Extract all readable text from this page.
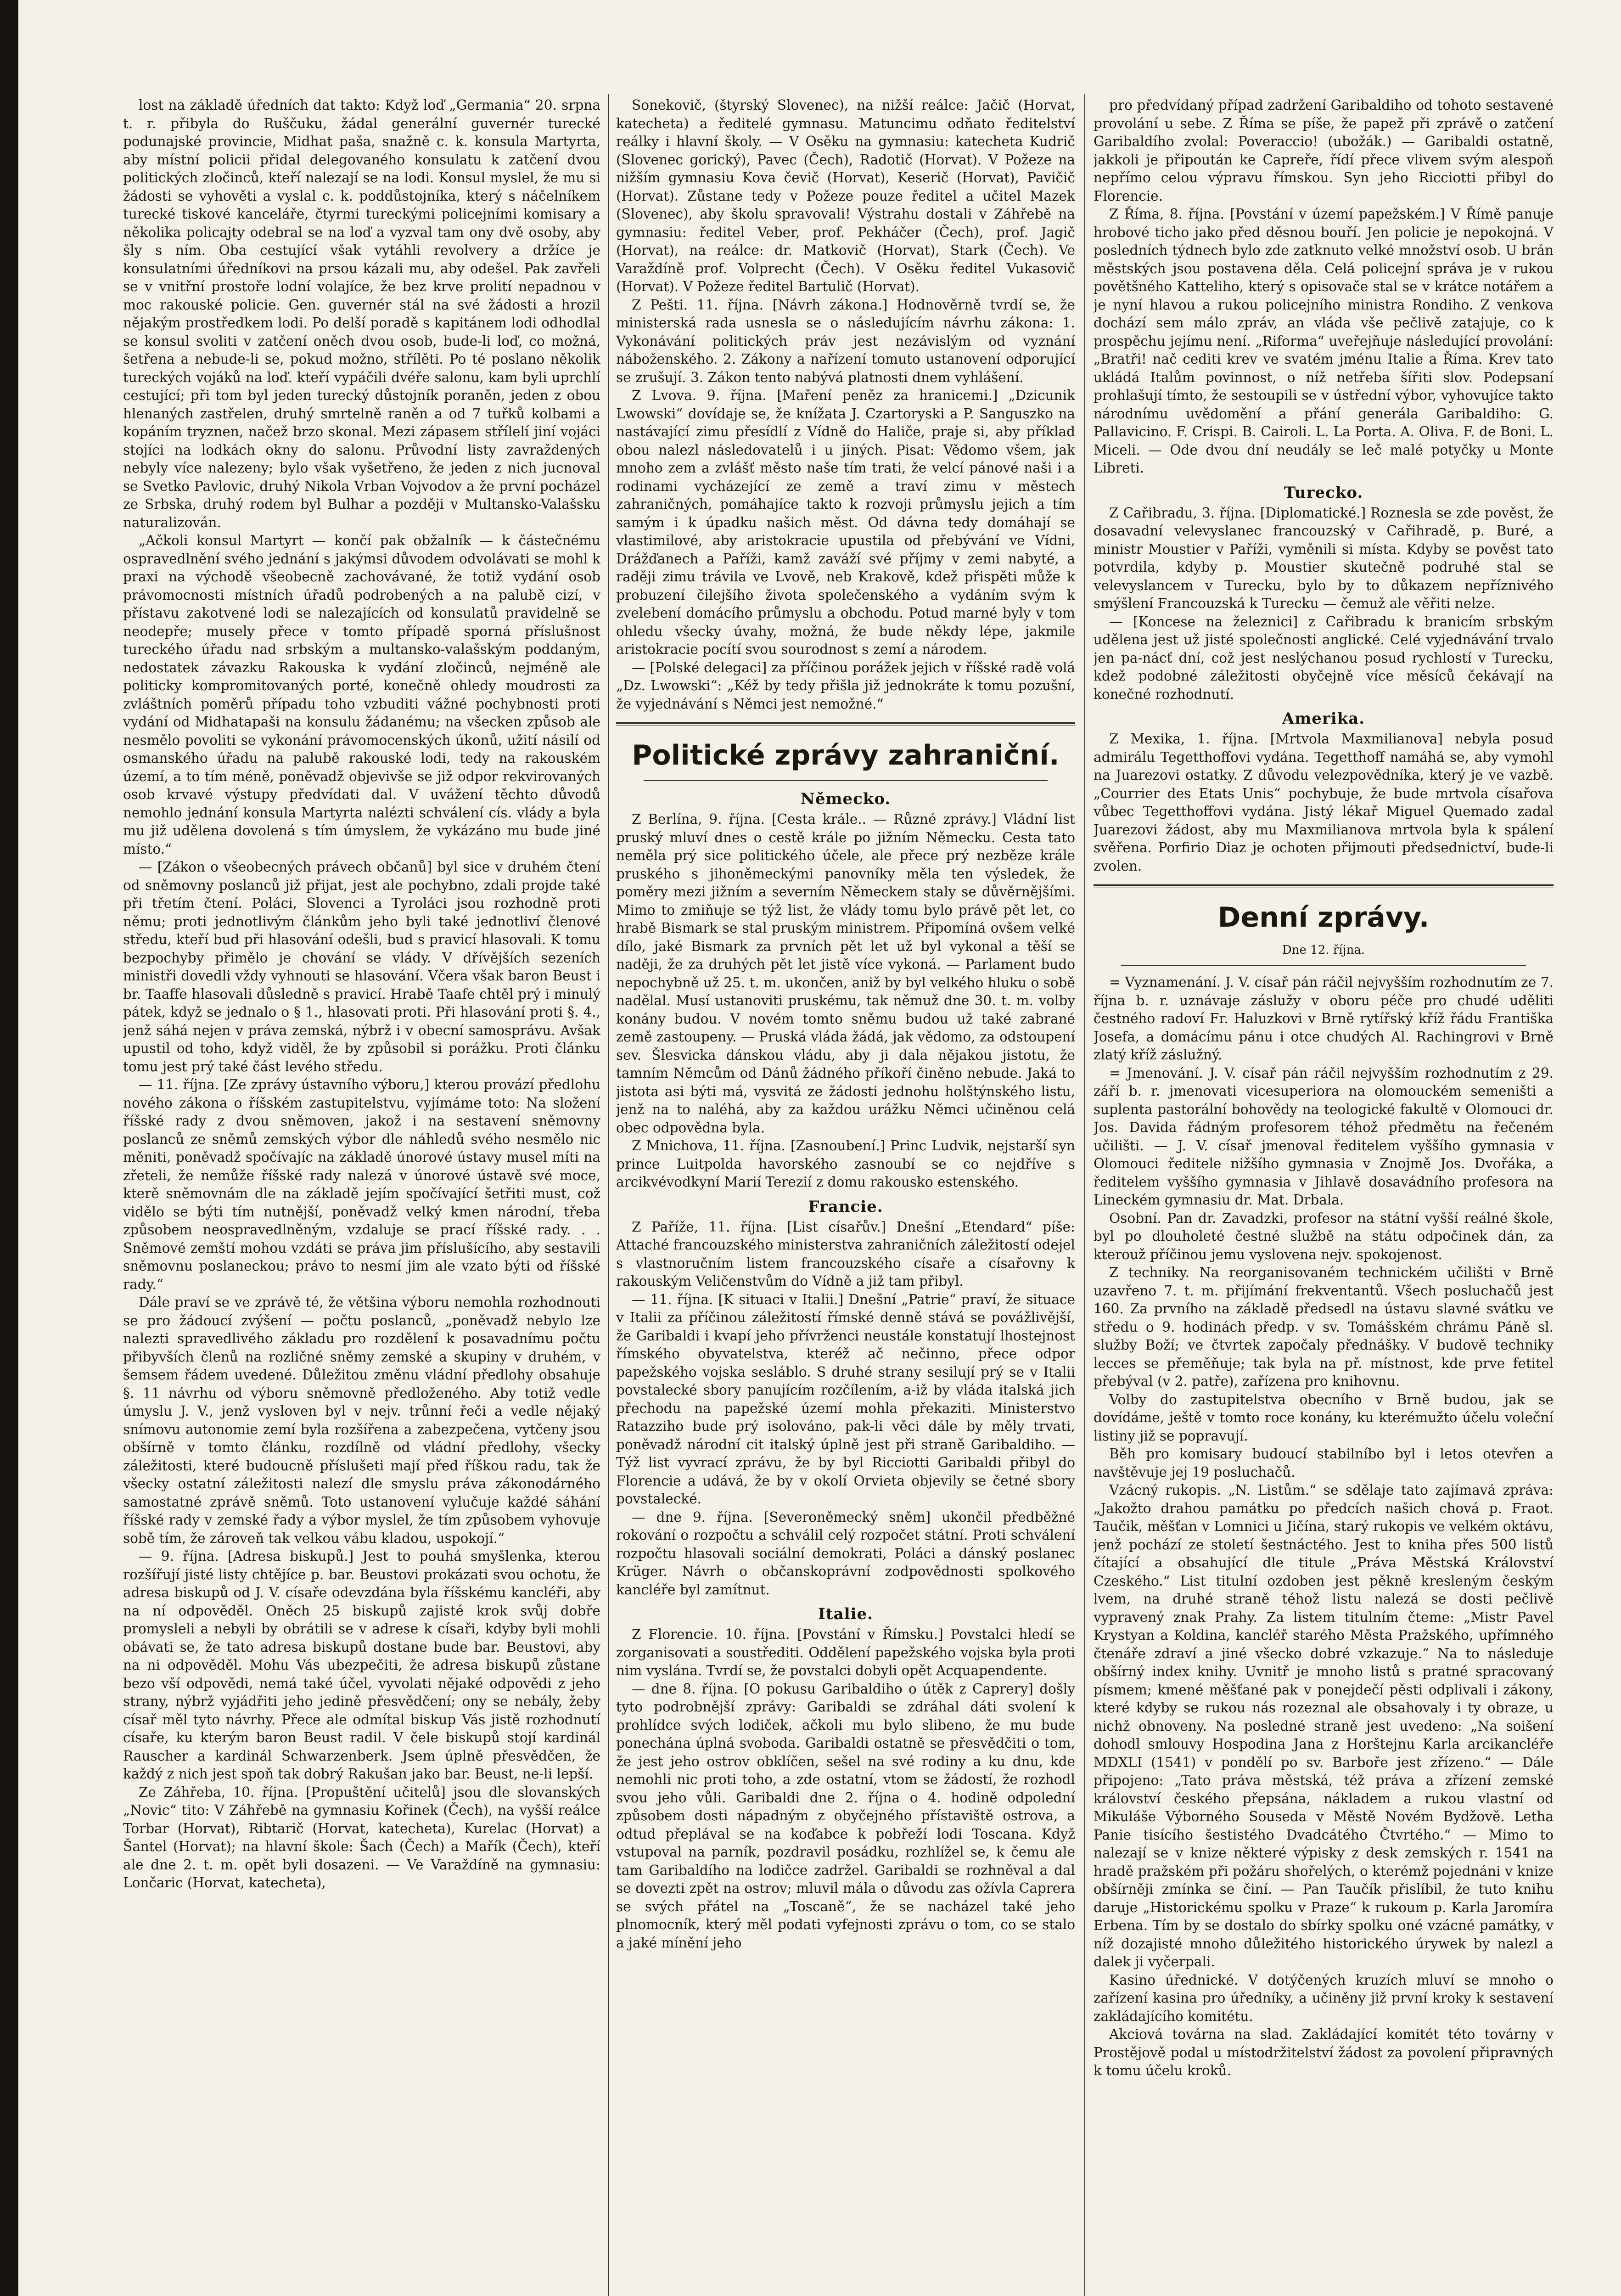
lost na základě úředních dat takto: Když loď „Germania“ 20. srpna t. r. přibyla do Ruščuku, žádal generální guvernér turecké podunajské provincie, Midhat paša, snažně c. k. konsula Martyrta, aby místní policii přidal delegovaného konsulatu k zatčení dvou politických zločinců, kteří nalezají se na lodi. Konsul myslel, že mu si žádosti se vyhověti a vyslal c. k. poddůstojníka, který s náčelníkem turecké tiskové kanceláře, čtyrmi tureckými policejními komisary a několika policajty odebral se na loď a vyzval tam ony dvě osoby, aby šly s ním. Oba cestující však vytáhli revolvery a držíce je konsulatními úředníkovi na prsou kázali mu, aby odešel. Pak zavřeli se v vnitřní prostoře lodní volajíce, že bez krve prolití nepadnou v moc rakouské policie. Gen. guvernér stál na své žádosti a hrozil nějakým prostředkem lodi. Po delší poradě s kapitánem lodi odhodlal se konsul svoliti v zatčení oněch dvou osob, bude-li loď, co možná, šetřena a nebude-li se, pokud možno, střílěti. Po té poslano několik tureckých vojáků na loď. kteří vypáčili dvéře salonu, kam byli uprchlí cestující; při tom byl jeden turecký důstojník poraněn, jeden z obou hlenaných zastřelen, druhý smrtelně raněn a od 7 tuřků kolbami a kopáním tryznen, načež brzo skonal. Mezi zápasem střílelí jiní vojáci stojíci na lodkách okny do salonu. Průvodní listy zavraždených nebyly více nalezeny; bylo však vyšetřeno, že jeden z nich jucnoval se Svetko Pavlovic, druhý Nikola Vrban Vojvodov a že první pocházel ze Srbska, druhý rodem byl Bulhar a později v Multansko-Valašsku naturalizován.

„Ačkoli konsul Martyrt — končí pak obžalník — k částečnému ospravedlnění svého jednání s jakýmsi důvodem odvolávati se mohl k praxi na východě všeobecně zachovávané, že totiž vydání osob právomocnosti místních úřadů podrobených a na palubě cizí, v přístavu zakotvené lodi se nalezajících od konsulatů pravidelně se neodepře; musely přece v tomto případě sporná příslušnost tureckého úřadu nad srbským a multansko-valašským poddaným, nedostatek závazku Rakouska k vydání zločinců, nejméně ale politicky kompromitovaných porté, konečně ohledy moudrosti za zvláštních poměrů případu toho vzbuditi vážné pochybnosti proti vydání od Midhatapaši na konsulu žádanému; na všecken způsob ale nesmělo povoliti se vykonání právomocenských úkonů, užití násilí od osmanského úřadu na palubě rakouské lodi, tedy na rakouském území, a to tím méně, poněvadž objevivše se již odpor rekvirovaných osob krvavé výstupy předvídati dal. V uvážení těchto důvodů nemohlo jednání konsula Martyrta nalézti schválení cís. vlády a byla mu již udělena dovolená s tím úmyslem, že vykázáno mu bude jiné místo.“

— [Zákon o všeobecných právech občanů] byl sice v druhém čtení od sněmovny poslanců již přijat, jest ale pochybno, zdali projde také při třetím čtení. Poláci, Slovenci a Tyroláci jsou rozhodně proti němu; proti jednotlivým článkům jeho byli také jednotliví členové středu, kteří bud při hlasování odešli, bud s pravicí hlasovali. K tomu bezpochyby přimělo je chování se vlády. V dřívějších sezeních ministři dovedli vždy vyhnouti se hlasování. Včera však baron Beust i br. Taaffe hlasovali důsledně s pravicí. Hrabě Taafe chtěl prý i minulý pátek, když se jednalo o § 1., hlasovati proti. Při hlasování proti §. 4., jenž sáhá nejen v práva zemská, nýbrž i v obecní samosprávu. Avšak upustil od toho, když viděl, že by způsobil si porážku. Proti článku tomu jest prý také část levého středu.

— 11. října. [Ze zprávy ústavního výboru,] kterou provází předlohu nového zákona o říšském zastupitelstvu, vyjímáme toto: Na složení říšské rady z dvou sněmoven, jakož i na sestavení sněmovny poslanců ze sněmů zemských výbor dle náhledů svého nesmělo nic měniti, poněvadž spočívajíc na základě únorové ústavy musel míti na zřeteli, že nemůže říšské rady nalezá v únorové ústavě své moce, kterě sněmovnám dle na základě jejím spočívající šetřiti must, což vidělo se býti tím nutnější, poněvadž velký kmen národní, třeba způsobem neospravedlněným, vzdaluje se prací říšské rady. . . Sněmové zemští mohou vzdáti se práva jim příslušícího, aby sestavili sněmovnu poslaneckou; právo to nesmí jim ale vzato býti od říšské rady.“

Dále praví se ve zprávě té, že většina výboru nemohla rozhodnouti se pro žádoucí zvýšení — počtu poslanců, „poněvadž nebylo lze nalezti spravedlivého základu pro rozdělení k posavadnímu počtu přibyvších členů na rozličné sněmy zemské a skupiny v druhém, v šemsem řádem uvedené. Důležitou změnu vládní předlohy obsahuje §. 11 návrhu od výboru sněmovně předloženého. Aby totiž vedle úmyslu J. V., jenž vysloven byl v nejv. trůnní řeči a vedle nějaký snímovu autonomie zemí byla rozšířena a zabezpečena, vytčeny jsou obšírně v tomto článku, rozdílně od vládní předlohy, všecky záležitosti, které budoucně příslušeti mají před říškou radu, tak že všecky ostatní záležitosti nalezí dle smyslu práva zákonodárného samostatné zprávě sněmů. Toto ustanovení vylučuje každé sáhání říšské rady v zemské řady a výbor myslel, že tím způsobem vyhovuje sobě tím, že zároveň tak velkou vábu kladou, uspokojí.“

— 9. října. [Adresa biskupů.] Jest to pouhá smyšlenka, kterou rozšířují jisté listy chtějíce p. bar. Beustovi prokázati svou ochotu, že adresa biskupů od J. V. císaře odevzdána byla říšskému kancléři, aby na ní odpověděl. Oněch 25 biskupů zajisté krok svůj dobře promysleli a nebyli by obrátili se v adrese k císaři, kdyby byli mohli obávati se, že tato adresa biskupů dostane bude bar. Beustovi, aby na ni odpověděl. Mohu Vás ubezpečiti, že adresa biskupů zůstane bezo vší odpovědi, nemá také účel, vyvolati nějaké odpovědi z jeho strany, nýbrž vyjádřiti jeho jedině přesvědčení; ony se nebály, žeby císař měl tyto návrhy. Přece ale odmítal biskup Vás jistě rozhodnutí císaře, ku kterým baron Beust radil. V čele biskupů stojí kardinál Rauscher a kardinál Schwarzenberk. Jsem úplně přesvědčen, že každý z nich jest spoň tak dobrý Rakušan jako bar. Beust, ne-li lepší.

Ze Záhřeba, 10. října. [Propuštění učitelů] jsou dle slovanských „Novic“ tito: V Záhřebě na gymnasiu Kořinek (Čech), na vyšší reálce Torbar (Horvat), Ribtarič (Horvat, katecheta), Kurelac (Horvat) a Šantel (Horvat); na hlavní škole: Šach (Čech) a Mařík (Čech), kteří ale dne 2. t. m. opět byli dosazeni. — Ve Varaždíně na gymnasiu: Lončaric (Horvat, katecheta),

Sonekovič, (štyrský Slovenec), na nižší reálce: Jačič (Horvat, katecheta) a ředitelé gymnasu. Matuncimu odňato ředitelství reálky i hlavní školy. — V Osěku na gymnasiu: katecheta Kudrič (Slovenec gorický), Pavec (Čech), Radotič (Horvat). V Požeze na nižším gymnasiu Kova čevič (Horvat), Keserič (Horvat), Pavičič (Horvat). Zůstane tedy v Požeze pouze ředitel a učitel Mazek (Slovenec), aby školu spravovali! Výstrahu dostali v Záhřebě na gymnasiu: ředitel Veber, prof. Pekháčer (Čech), prof. Jagič (Horvat), na reálce: dr. Matkovič (Horvat), Stark (Čech). Ve Varaždíně prof. Volprecht (Čech). V Osěku ředitel Vukasovič (Horvat). V Požeze ředitel Bartulič (Horvat).

Z Pešti. 11. října. [Návrh zákona.] Hodnověrně tvrdí se, že ministerská rada usnesla se o následujícím návrhu zákona: 1. Vykonávání politických práv jest nezávislým od vyznání náboženského. 2. Zákony a nařízení tomuto ustanovení odporující se zrušují. 3. Zákon tento nabývá platnosti dnem vyhlášení.

Z Lvova. 9. října. [Maření peněz za hranicemi.] „Dzicunik Lwowski“ dovídaje se, že knížata J. Czartoryski a P. Sanguszko na nastávající zimu přesídlí z Vídně do Haliče, praje si, aby příklad obou nalezl následovatelů i u jiných. Pisat: Vědomo všem, jak mnoho zem a zvlášť město naše tím trati, že velcí pánové naši i a rodinami vycházející ze země a traví zimu v městech zahraničných, pomáhajíce takto k rozvoji průmyslu jejich a tím samým i k úpadku našich měst. Od dávna tedy domáhají se vlastimilové, aby aristokracie upustila od přebývání ve Vídni, Drážďanech a Paříži, kamž zaváží své příjmy v zemi nabyté, a raději zimu trávila ve Lvově, neb Krakově, kdež přispěti může k probuzení čilejšího života společenského a vydáním svým k zvelebení domácího průmyslu a obchodu. Potud marné byly v tom ohledu všecky úvahy, možná, že bude někdy lépe, jakmile aristokracie pocítí svou sourodnost s zemí a národem.

— [Polské delegaci] za příčinou porážek jejich v říšské radě volá „Dz. Lwowski“: „Kéž by tedy přišla již jednokráte k tomu pozušní, že vyjednávání s Němci jest nemožné.“

Politické zprávy zahraniční.
Německo.

Z Berlína, 9. října. [Cesta krále.. — Různé zprávy.] Vládní list pruský mluví dnes o cestě krále po jižním Německu. Cesta tato neměla prý sice politického účele, ale přece prý nezběze krále pruského s jihoněmeckými panovníky měla ten výsledek, že poměry mezi jižním a severním Německem staly se důvěrnějšími. Mimo to zmiňuje se týž list, že vlády tomu bylo právě pět let, co hrabě Bismark se stal pruským ministrem. Připomíná ovšem velké dílo, jaké Bismark za prvních pět let už byl vykonal a těší se naději, že za druhých pět let jistě více vykoná. — Parlament budo nepochybně už 25. t. m. ukončen, aniž by byl velkého hluku o sobě nadělal. Musí ustanoviti pruskému, tak němuž dne 30. t. m. volby konány budou. V novém tomto sněmu budou už také zabrané země zastoupeny. — Pruská vláda žádá, jak vědomo, za odstoupení sev. Šlesvicka dánskou vládu, aby ji dala nějakou jistotu, že tamním Němcům od Dánů žádného příkoří činěno nebude. Jaká to jistota asi býti má, vysvitá ze žádosti jednohu holštýnského listu, jenž na to naléhá, aby za každou urážku Němci učiněnou celá obec odpovědna byla.

Z Mnichova, 11. října. [Zasnoubení.] Princ Ludvik, nejstarší syn prince Luitpolda havorského zasnoubí se co nejdříve s arcikvévodkyní Marií Terezií z domu rakousko estenského.

Francie.

Z Paříže, 11. října. [List císařův.] Dnešní „Etendard“ píše: Attaché francouzského ministerstva zahraničních záležitostí odejel s vlastnoručním listem francouzského císaře a císařovny k rakouským Veličenstvům do Vídně a již tam přibyl.

— 11. října. [K situaci v Italii.] Dnešní „Patrie“ praví, že situace v Italii za příčinou záležitostí římské denně stává se povážlivější, že Garibaldi i kvapí jeho přívrženci neustále konstatují lhostejnost římského obyvatelstva, kteréž ač nečinno, přece odpor papežského vojska sesláblo. S druhé strany sesilují prý se v Italii povstalecké sbory panujícím rozčílením, a-iž by vláda italská jich přechodu na papežské území mohla překaziti. Ministerstvo Ratazziho bude prý isolováno, pak-li věci dále by měly trvati, poněvadž národní cit italský úplně jest při straně Garibaldiho. — Týž list vyvrací zprávu, že by byl Ricciotti Garibaldi přibyl do Florencie a udává, že by v okolí Orvieta objevily se četné sbory povstalecké.

— dne 9. října. [Severoněmecký sněm] ukončil předběžné rokování o rozpočtu a schválil celý rozpočet státní. Proti schválení rozpočtu hlasovali sociální demokrati, Poláci a dánský poslanec Krüger. Návrh o občanskoprávní zodpovědnosti spolkového kancléře byl zamítnut.

Italie.

Z Florencie. 10. října. [Povstání v Římsku.] Povstalci hledí se zorganisovati a soustřediti. Oddělení papežského vojska byla proti nim vyslána. Tvrdí se, že povstalci dobyli opět Acquapendente.

— dne 8. října. [O pokusu Garibaldiho o útěk z Caprery] došly tyto podrobnější zprávy: Garibaldi se zdráhal dáti svolení k prohlídce svých lodiček, ačkoli mu bylo slibeno, že mu bude ponechána úplná svoboda. Garibaldi ostatně se přesvědčiti o tom, že jest jeho ostrov obklíčen, sešel na své rodiny a ku dnu, kde nemohli nic proti toho, a zde ostatní, vtom se žádostí, že rozhodl svou jeho vůli. Garibaldi dne 2. října o 4. hodině odpolední způsobem dosti nápadným z obyčejného přístaviště ostrova, a odtud přeplával se na koďabce k pobřeží lodi Toscana. Když vstupoval na parník, pozdravil posádku, rozhlížel se, k čemu ale tam Garibaldího na lodičce zadržel. Garibaldi se rozhněval a dal se dovezti zpět na ostrov; mluvil mála o důvodu zas ožívla Caprera se svých přátel na „Toscaně“, že se nacházel také jeho plnomocník, který měl podati vyfejnosti zprávu o tom, co se stalo a jaké mínění jeho

pro předvídaný případ zadržení Garibaldiho od tohoto sestavené provolání u sebe. Z Říma se píše, že papež při zprávě o zatčení Garibaldího zvolal: Poveraccio! (ubožák.) — Garibaldi ostatně, jakkoli je připoután ke Capreře, řídí přece vlivem svým alespoň nepřímo celou výpravu římskou. Syn jeho Ricciotti přibyl do Florencie.

Z Říma, 8. října. [Povstání v území papežském.] V Římě panuje hrobové ticho jako před děsnou bouří. Jen policie je nepokojná. V posledních týdnech bylo zde zatknuto velké množství osob. U brán městských jsou postavena děla. Celá policejní správa je v rukou povětšného Katteliho, který s opisovače stal se v krátce notářem a je nyní hlavou a rukou policejního ministra Rondiho. Z venkova dochází sem málo zpráv, an vláda vše pečlivě zatajuje, co k prospěchu jejímu není. „Riforma“ uveřejňuje následující provolání: „Bratři! nač cediti krev ve svatém jménu Italie a Říma. Krev tato ukládá Italům povinnost, o níž netřeba šířiti slov. Podepsaní prohlašují tímto, že sestoupili se v ústřední výbor, vyhovujíce takto národnímu uvědomění a přání generála Garibaldiho: G. Pallavicino. F. Crispi. B. Cairoli. L. La Porta. A. Oliva. F. de Boni. L. Miceli. — Ode dvou dní neudály se leč malé potyčky u Monte Libreti.

Turecko.

Z Cařibradu, 3. října. [Diplomatické.] Roznesla se zde pověst, že dosavadní velevyslanec francouzský v Cařihradě, p. Buré, a ministr Moustier v Paříži, vyměnili si místa. Kdyby se pověst tato potvrdila, kdyby p. Moustier skutečně podruhé stal se velevyslancem v Turecku, bylo by to důkazem nepříznivého smýšlení Francouzská k Turecku — čemuž ale věřiti nelze.

— [Koncese na železnici] z Cařibradu k branicím srbským udělena jest už jisté společnosti anglické. Celé vyjednávání trvalo jen pa-nácť dní, což jest neslýchanou posud rychlostí v Turecku, kdež podobné záležitosti obyčejně více měsíců čekávají na konečné rozhodnutí.

Amerika.

Z Mexika, 1. října. [Mrtvola Maxmilianova] nebyla posud admirálu Tegetthoffovi vydána. Tegetthoff namáhá se, aby vymohl na Juarezovi ostatky. Z důvodu velezpovědníka, který je ve vazbě. „Courrier des Etats Unis“ pochybuje, že bude mrtvola císařova vůbec Tegetthoffovi vydána. Jistý lékař Miguel Quemado zadal Juarezovi žádost, aby mu Maxmilianova mrtvola byla k spálení svěřena. Porfirio Diaz je ochoten přijmouti předsednictví, bude-li zvolen.

Denní zprávy.
Dne 12. října.

= Vyznamenání. J. V. císař pán ráčil nejvyšším rozhodnutím ze 7. října b. r. uznávaje záslužy v oboru péče pro chudé uděliti čestného radoví Fr. Haluzkovi v Brně rytířský kříž řádu Františka Josefa, a domácímu pánu i otce chudých Al. Rachingrovi v Brně zlatý kříž záslužný.

= Jmenování. J. V. císař pán ráčil nejvyšším rozhodnutím z 29. září b. r. jmenovati vicesuperiora na olomouckém semeništi a suplenta pastorální bohovědy na teologické fakultě v Olomouci dr. Jos. Davida řádným profesorem téhož předmětu na řečeném učilišti. — J. V. císař jmenoval ředitelem vyššího gymnasia v Olomouci ředitele nižšího gymnasia v Znojmě Jos. Dvořáka, a ředitelem vyššího gymnasia v Jihlavě dosavádního profesora na Lineckém gymnasiu dr. Mat. Drbala.

Osobní. Pan dr. Zavadzki, profesor na státní vyšší reálné škole, byl po dlouholeté čestné službě na státu odpočinek dán, za kterouž příčinou jemu vyslovena nejv. spokojenost.

Z techniky. Na reorganisovaném technickém učilišti v Brně uzavřeno 7. t. m. přijímání frekventantů. Všech posluchačů jest 160. Za prvního na základě předsedl na ústavu slavné svátku ve středu o 9. hodinách předp. v sv. Tomášském chrámu Páně sl. služby Boží; ve čtvrtek započaly přednášky. V budově techniky lecces se přeměňuje; tak byla na př. místnost, kde prve fetitel přebýval (v 2. patře), zařízena pro knihovnu.

Volby do zastupitelstva obecního v Brně budou, jak se dovídáme, ještě v tomto roce konány, ku kterémužto účelu voleční listiny již se popravují.

Běh pro komisary budoucí stabilníbo byl i letos otevřen a navštěvuje jej 19 posluchačů.

Vzácný rukopis. „N. Listům.“ se sdělaje tato zajímavá zpráva: „Jakožto drahou památku po předcích našich chová p. Fraot. Taučik, měšťan v Lomnici u Jičína, starý rukopis ve velkém oktávu, jenž pochází ze století šestnáctého. Jest to kniha přes 500 listů čítající a obsahující dle titule „Práva Městská Království Czeského.“ List titulní ozdoben jest pěkně kresleným českým lvem, na druhé straně téhož listu nalezá se dosti pečlivě vypravený znak Prahy. Za listem titulním čteme: „Mistr Pavel Krystyan a Koldina, kancléř starého Města Pražského, upřímného čtenáře zdraví a jiné všecko dobré vzkazuje.“ Na to následuje obšírný index knihy. Uvnitř je mnoho listů s pratné spracovaný písmem; kmené měšťané pak v ponejdečí pěsti odplivali i zákony, které kdyby se rukou nás rozeznal ale obsahovaly i ty obraze, u nichž obnoveny. Na posledné straně jest uvedeno: „Na soišení dohodl smlouvy Hospodina Jana z Horštejnu Karla arcikancléře MDXLI (1541) v pondělí po sv. Barboře jest zřízeno.“ — Dále připojeno: „Tato práva městská, též práva a zřízení zemské království českého přepsána, nákladem a rukou vlastní od Mikuláše Výborného Souseda v Městě Novém Bydžově. Letha Panie tisícího šestistého Dvadcátého Čtvrtého.“ — Mimo to nalezají se v knize některé výpisky z desk zemských r. 1541 na hradě pražském při požáru shořelých, o kterémž pojednáni v knize obšírněji zmínka se činí. — Pan Taučík přislíbil, že tuto knihu daruje „Historickému spolku v Praze“ k rukoum p. Karla Jaromíra Erbena. Tím by se dostalo do sbírky spolku oné vzácné památky, v níž dozajisté mnoho důležitého historického úrywek by nalezl a dalek ji vyčerpali.

Kasino úřednické. V dotýčených kruzích mluví se mnoho o zařízení kasina pro úředníky, a učiněny již první kroky k sestavení zakládajícího komitétu.

Akciová továrna na slad. Zakládající komitét této továrny v Prostějově podal u místodržitelství žádost za povolení připravných k tomu účelu kroků.
